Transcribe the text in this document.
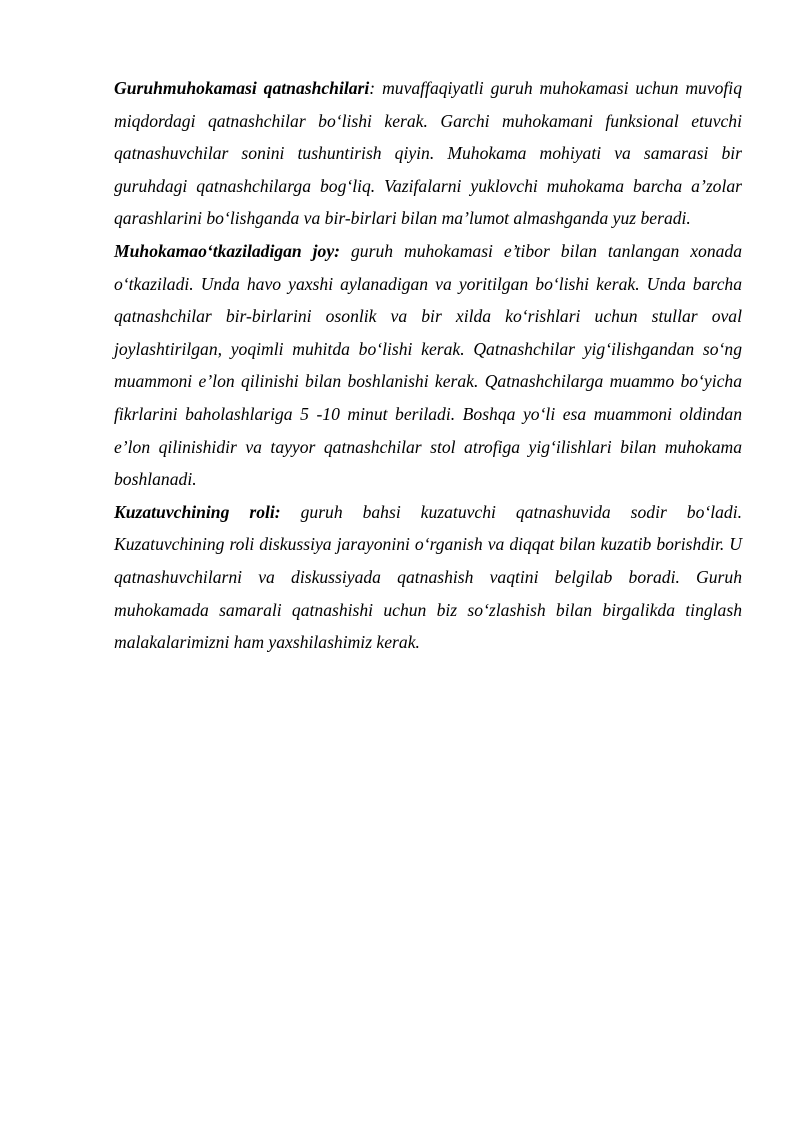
Guruhmuhokamasi qatnashchilari: muvaffaqiyatli guruh muhokamasi uchun muvofiq miqdordagi qatnashchilar bo‘lishi kerak. Garchi muhokamani funksional etuvchi qatnashuvchilar sonini tushuntirish qiyin. Muhokama mohiyati va samarasi bir guruhdagi qatnashchilarga bog‘liq. Vazifalarni yuklovchi muhokama barcha a’zolar qarashlarini bo‘lishganda va bir-birlari bilan ma’lumot almashganda yuz beradi.

Muhokamao‘tkaziladigan joy: guruh muhokamasi e’tibor bilan tanlangan xonada o‘tkaziladi. Unda havo yaxshi aylanadigan va yoritilgan bo‘lishi kerak. Unda barcha qatnashchilar bir-birlarini osonlik va bir xilda ko‘rishlari uchun stullar oval joylashtirilgan, yoqimli muhitda bo‘lishi kerak. Qatnashchilar yig‘ilishgandan so‘ng muammoni e’lon qilinishi bilan boshlanishi kerak. Qatnashchilarga muammo bo‘yicha fikrlarini baholashlariga 5 -10 minut beriladi. Boshqa yo‘li esa muammoni oldindan e’lon qilinishidir va tayyor qatnashchilar stol atrofiga yig‘ilishlari bilan muhokama boshlanadi.

Kuzatuvchining roli: guruh bahsi kuzatuvchi qatnashuvida sodir bo‘ladi. Kuzatuvchining roli diskussiya jarayonini o‘rganish va diqqat bilan kuzatib borishdir. U qatnashuvchilarni va diskussiyada qatnashish vaqtini belgilab boradi. Guruh muhokamada samarali qatnashishi uchun biz so‘zlashish bilan birgalikda tinglash malakalarimizni ham yaxshilashimiz kerak.
